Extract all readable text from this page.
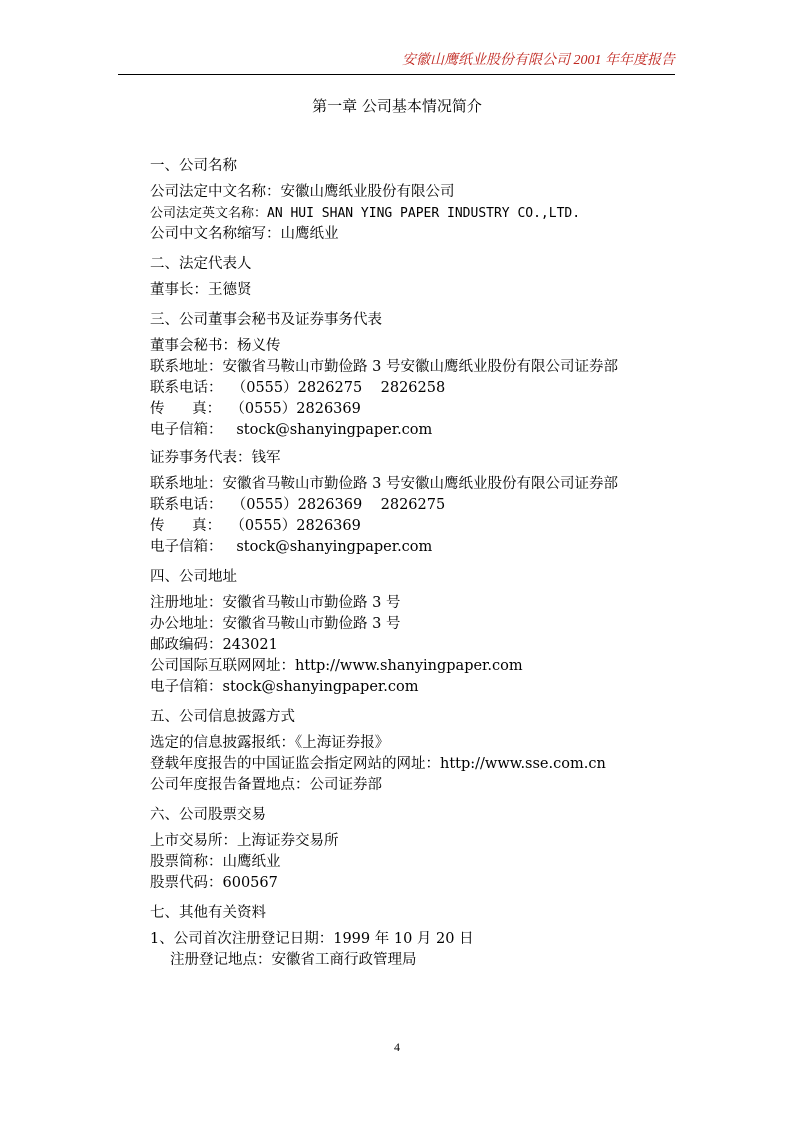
安徽山鹰纸业股份有限公司 2001 年年度报告
第一章 公司基本情况简介
一、公司名称
公司法定中文名称：安徽山鹰纸业股份有限公司
公司法定英文名称：AN HUI SHAN YING PAPER INDUSTRY CO.,LTD.
公司中文名称缩写：山鹰纸业
二、法定代表人
董事长：王德贤
三、公司董事会秘书及证券事务代表
董事会秘书：杨义传
联系地址：安徽省马鞍山市勤俭路 3 号安徽山鹰纸业股份有限公司证券部
联系电话：  （0555）2826275    2826258
传      真：  （0555）2826369
电子信箱：   stock@shanyingpaper.com
证券事务代表：钱军
联系地址：安徽省马鞍山市勤俭路 3 号安徽山鹰纸业股份有限公司证券部
联系电话：  （0555）2826369    2826275
传      真：  （0555）2826369
电子信箱：   stock@shanyingpaper.com
四、公司地址
注册地址：安徽省马鞍山市勤俭路 3 号
办公地址：安徽省马鞍山市勤俭路 3 号
邮政编码：243021
公司国际互联网网址：http://www.shanyingpaper.com
电子信箱：stock@shanyingpaper.com
五、公司信息披露方式
选定的信息披露报纸：《上海证券报》
登载年度报告的中国证监会指定网站的网址：http://www.sse.com.cn
公司年度报告备置地点：公司证券部
六、公司股票交易
上市交易所：上海证券交易所
股票简称：山鹰纸业
股票代码：600567
七、其他有关资料
1、公司首次注册登记日期：1999 年 10 月 20 日
注册登记地点：安徽省工商行政管理局
4
